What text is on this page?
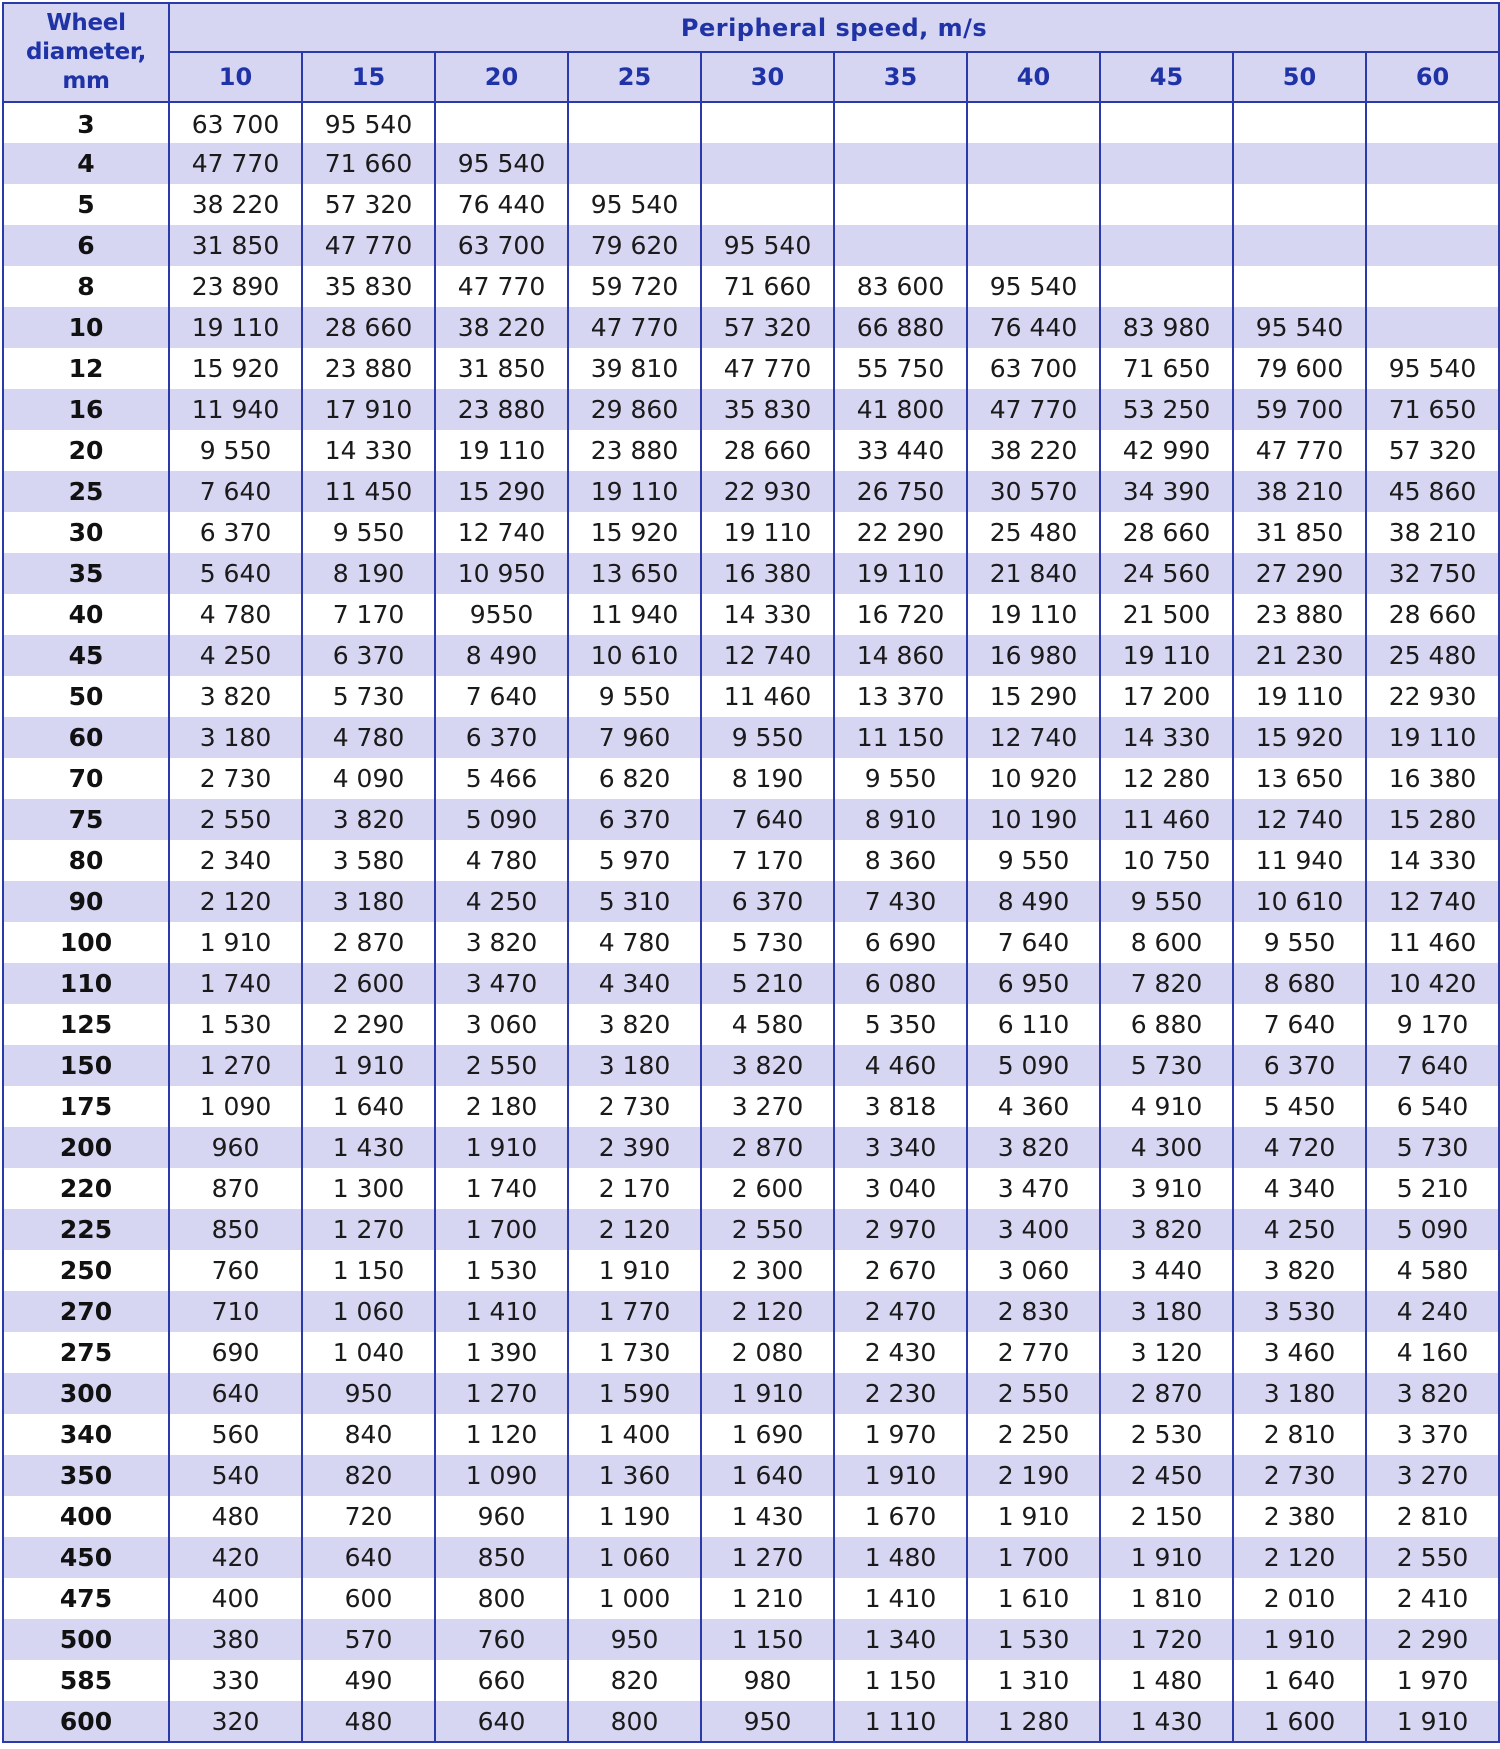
Wheel diameter, mm	Peripheral speed, m/s									
	10	15	20	25	30	35	40	45	50	60
3	63 700	95 540								
4	47 770	71 660	95 540							
5	38 220	57 320	76 440	95 540						
6	31 850	47 770	63 700	79 620	95 540					
8	23 890	35 830	47 770	59 720	71 660	83 600	95 540			
10	19 110	28 660	38 220	47 770	57 320	66 880	76 440	83 980	95 540	
12	15 920	23 880	31 850	39 810	47 770	55 750	63 700	71 650	79 600	95 540
16	11 940	17 910	23 880	29 860	35 830	41 800	47 770	53 250	59 700	71 650
20	9 550	14 330	19 110	23 880	28 660	33 440	38 220	42 990	47 770	57 320
25	7 640	11 450	15 290	19 110	22 930	26 750	30 570	34 390	38 210	45 860
30	6 370	9 550	12 740	15 920	19 110	22 290	25 480	28 660	31 850	38 210
35	5 640	8 190	10 950	13 650	16 380	19 110	21 840	24 560	27 290	32 750
40	4 780	7 170	9550	11 940	14 330	16 720	19 110	21 500	23 880	28 660
45	4 250	6 370	8 490	10 610	12 740	14 860	16 980	19 110	21 230	25 480
50	3 820	5 730	7 640	9 550	11 460	13 370	15 290	17 200	19 110	22 930
60	3 180	4 780	6 370	7 960	9 550	11 150	12 740	14 330	15 920	19 110
70	2 730	4 090	5 466	6 820	8 190	9 550	10 920	12 280	13 650	16 380
75	2 550	3 820	5 090	6 370	7 640	8 910	10 190	11 460	12 740	15 280
80	2 340	3 580	4 780	5 970	7 170	8 360	9 550	10 750	11 940	14 330
90	2 120	3 180	4 250	5 310	6 370	7 430	8 490	9 550	10 610	12 740
100	1 910	2 870	3 820	4 780	5 730	6 690	7 640	8 600	9 550	11 460
110	1 740	2 600	3 470	4 340	5 210	6 080	6 950	7 820	8 680	10 420
125	1 530	2 290	3 060	3 820	4 580	5 350	6 110	6 880	7 640	9 170
150	1 270	1 910	2 550	3 180	3 820	4 460	5 090	5 730	6 370	7 640
175	1 090	1 640	2 180	2 730	3 270	3 818	4 360	4 910	5 450	6 540
200	960	1 430	1 910	2 390	2 870	3 340	3 820	4 300	4 720	5 730
220	870	1 300	1 740	2 170	2 600	3 040	3 470	3 910	4 340	5 210
225	850	1 270	1 700	2 120	2 550	2 970	3 400	3 820	4 250	5 090
250	760	1 150	1 530	1 910	2 300	2 670	3 060	3 440	3 820	4 580
270	710	1 060	1 410	1 770	2 120	2 470	2 830	3 180	3 530	4 240
275	690	1 040	1 390	1 730	2 080	2 430	2 770	3 120	3 460	4 160
300	640	950	1 270	1 590	1 910	2 230	2 550	2 870	3 180	3 820
340	560	840	1 120	1 400	1 690	1 970	2 250	2 530	2 810	3 370
350	540	820	1 090	1 360	1 640	1 910	2 190	2 450	2 730	3 270
400	480	720	960	1 190	1 430	1 670	1 910	2 150	2 380	2 810
450	420	640	850	1 060	1 270	1 480	1 700	1 910	2 120	2 550
475	400	600	800	1 000	1 210	1 410	1 610	1 810	2 010	2 410
500	380	570	760	950	1 150	1 340	1 530	1 720	1 910	2 290
585	330	490	660	820	980	1 150	1 310	1 480	1 640	1 970
600	320	480	640	800	950	1 110	1 280	1 430	1 600	1 910
